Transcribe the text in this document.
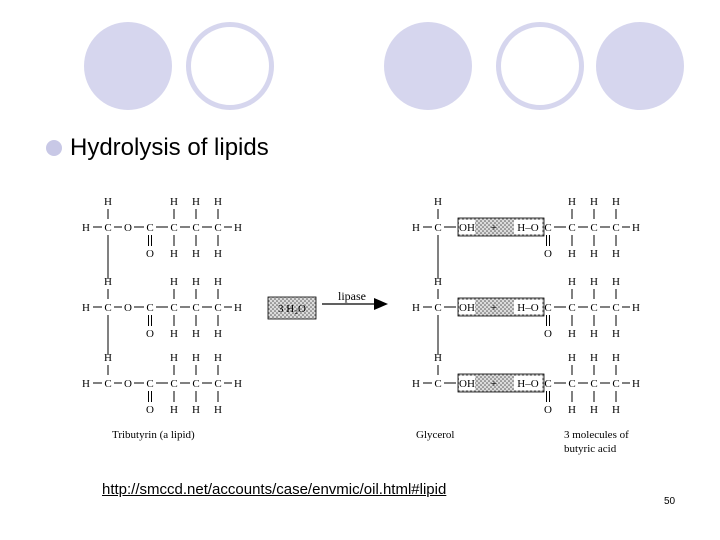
Hydrolysis of lipids
H C
H
O C C
H
H
C
H
H
C
H
H
O
H
H C
H
O C C
H
H
C
H
H
C
H
H
O
H
H C
H
O C C
H
H
C
H
H
C
H
H
O
H
H C
H
OH	H–O
+	C C
H
H
C
H
H
C
H
H
O
H
H C
H
OH	H–O
+	C C
H
H
C
H
H
C
H
H
O
H
H C
H
OH	H–O
+	C C
H
H
C
H
H
C
H
H
O
H
3 H₂O
lipase
Tributyrin (a lipid)	Glycerol	3 molecules of
butyric acid
http://smccd.net/accounts/case/envmic/oil.html#lipid
50
